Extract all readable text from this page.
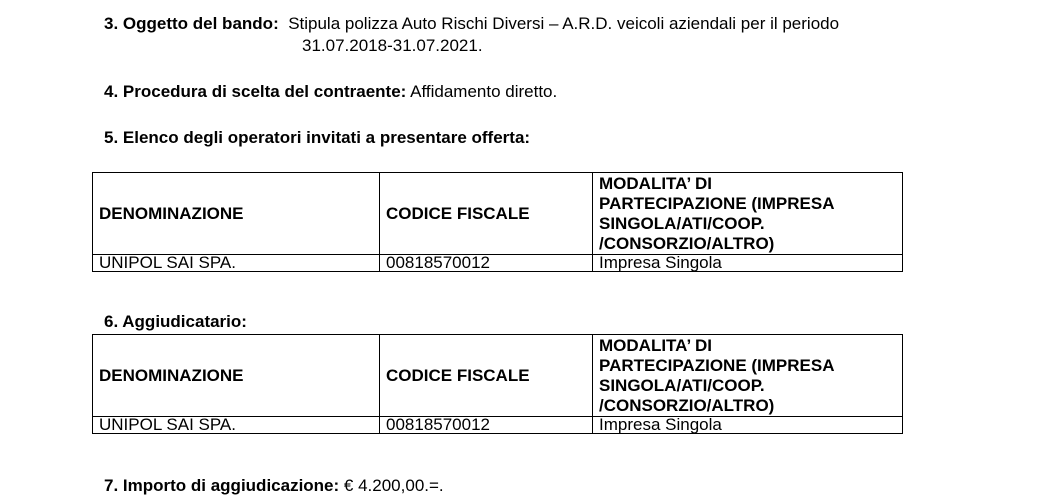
3. Oggetto del bando: Stipula polizza Auto Rischi Diversi – A.R.D. veicoli aziendali per il periodo
31.07.2018-31.07.2021.
4. Procedura di scelta del contraente: Affidamento diretto.
5. Elenco degli operatori invitati a presentare offerta:
DENOMINAZIONE	CODICE FISCALE	MODALITA’ DI
PARTECIPAZIONE (IMPRESA
SINGOLA/ATI/COOP.
/CONSORZIO/ALTRO)

UNIPOL SAI SPA.	00818570012	Impresa Singola
6. Aggiudicatario:
DENOMINAZIONE	CODICE FISCALE	MODALITA’ DI
PARTECIPAZIONE (IMPRESA
SINGOLA/ATI/COOP.
/CONSORZIO/ALTRO)

UNIPOL SAI SPA.	00818570012	Impresa Singola
7. Importo di aggiudicazione: € 4.200,00.=.
